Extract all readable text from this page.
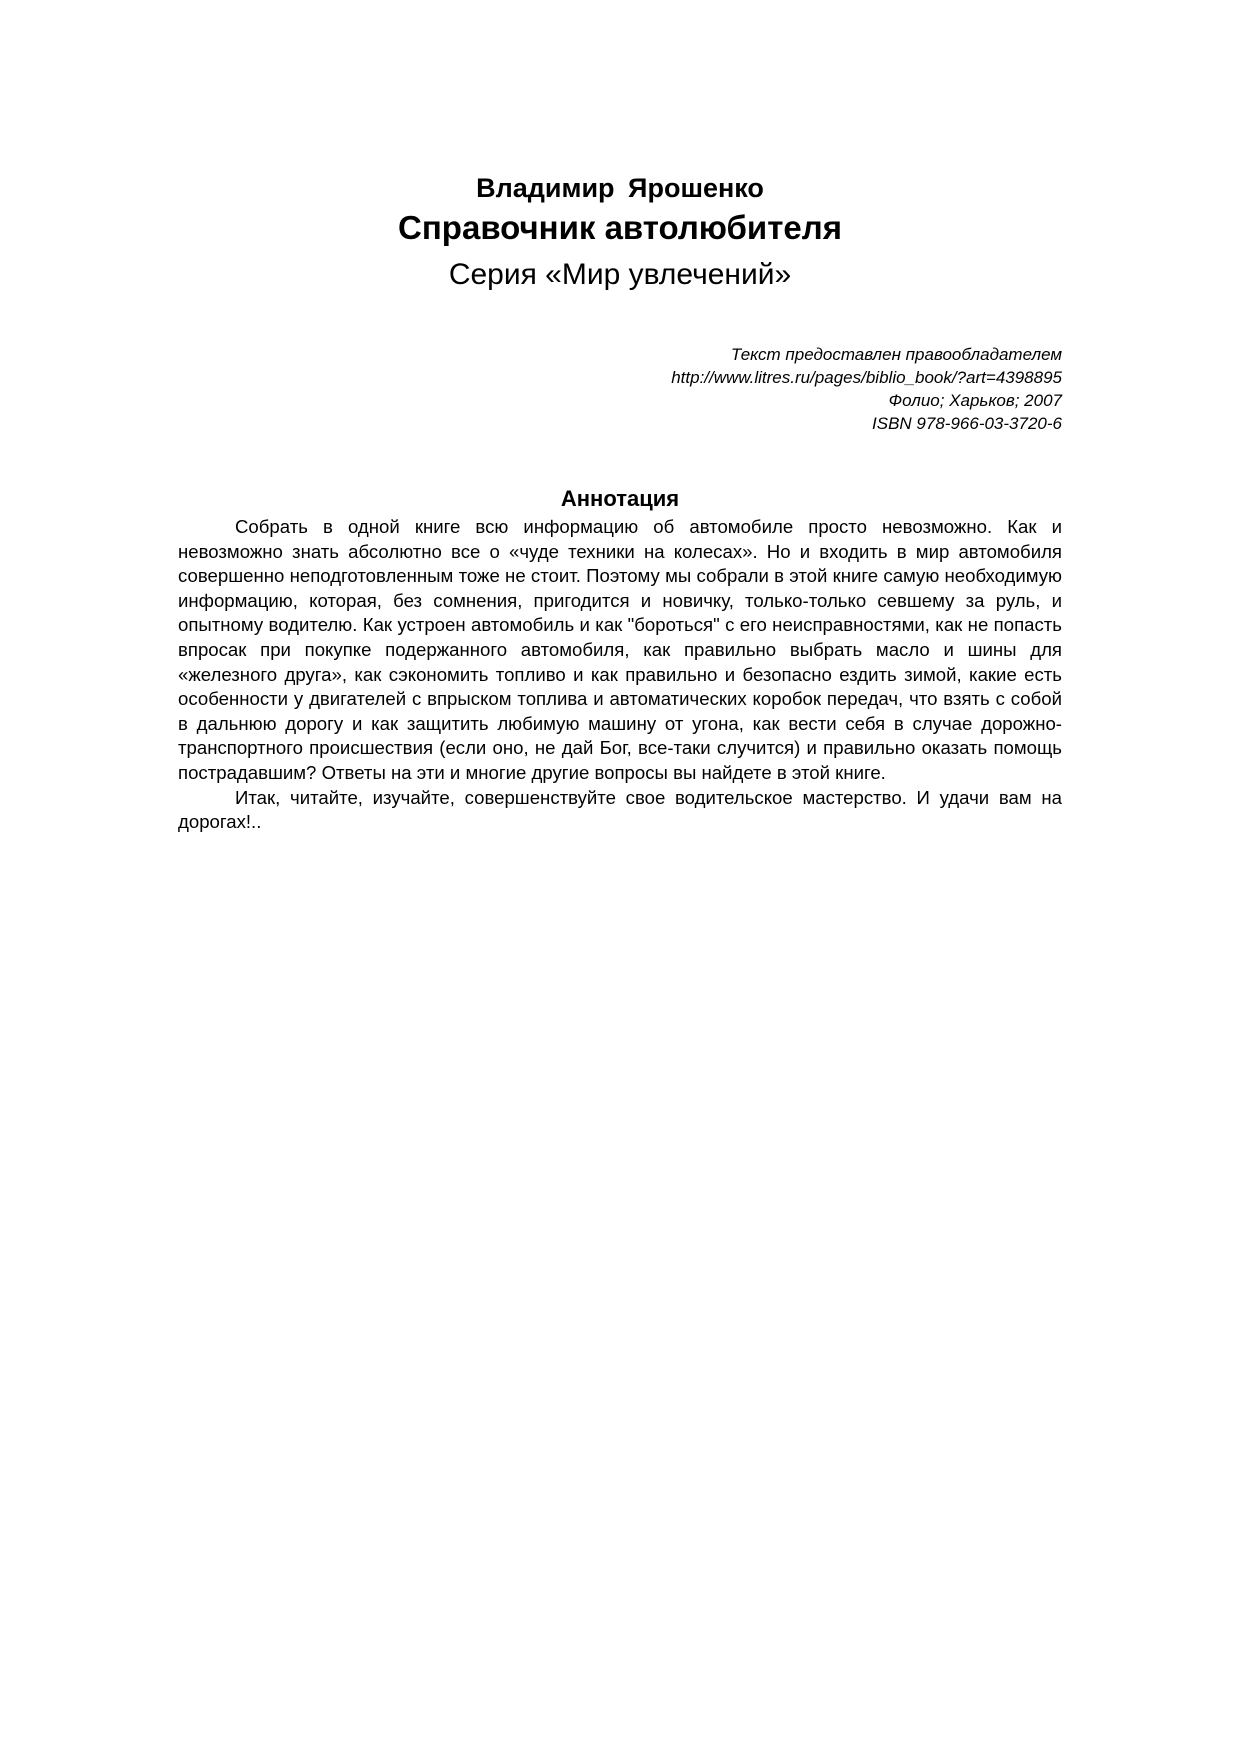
Владимир Ярошенко
Справочник автолюбителя
Серия «Мир увлечений»
Текст предоставлен правообладателем
http://www.litres.ru/pages/biblio_book/?art=4398895
Фолио; Харьков; 2007
ISBN 978-966-03-3720-6
Аннотация

Собрать в одной книге всю информацию об автомобиле просто невозможно. Как и невозможно знать абсолютно все о «чуде техники на колесах». Но и входить в мир автомобиля совершенно неподготовленным тоже не стоит. Поэтому мы собрали в этой книге самую необходимую информацию, которая, без сомнения, пригодится и новичку, только-только севшему за руль, и опытному водителю. Как устроен автомобиль и как "бороться" с его неисправностями, как не попасть впросак при покупке подержанного автомобиля, как правильно выбрать масло и шины для «железного друга», как сэкономить топливо и как правильно и безопасно ездить зимой, какие есть особенности у двигателей с впрыском топлива и автоматических коробок передач, что взять с собой в дальнюю дорогу и как защитить любимую машину от угона, как вести себя в случае дорожно-транспортного происшествия (если оно, не дай Бог, все-таки случится) и правильно оказать помощь пострадавшим? Ответы на эти и многие другие вопросы вы найдете в этой книге.

Итак, читайте, изучайте, совершенствуйте свое водительское мастерство. И удачи вам на дорогах!..
